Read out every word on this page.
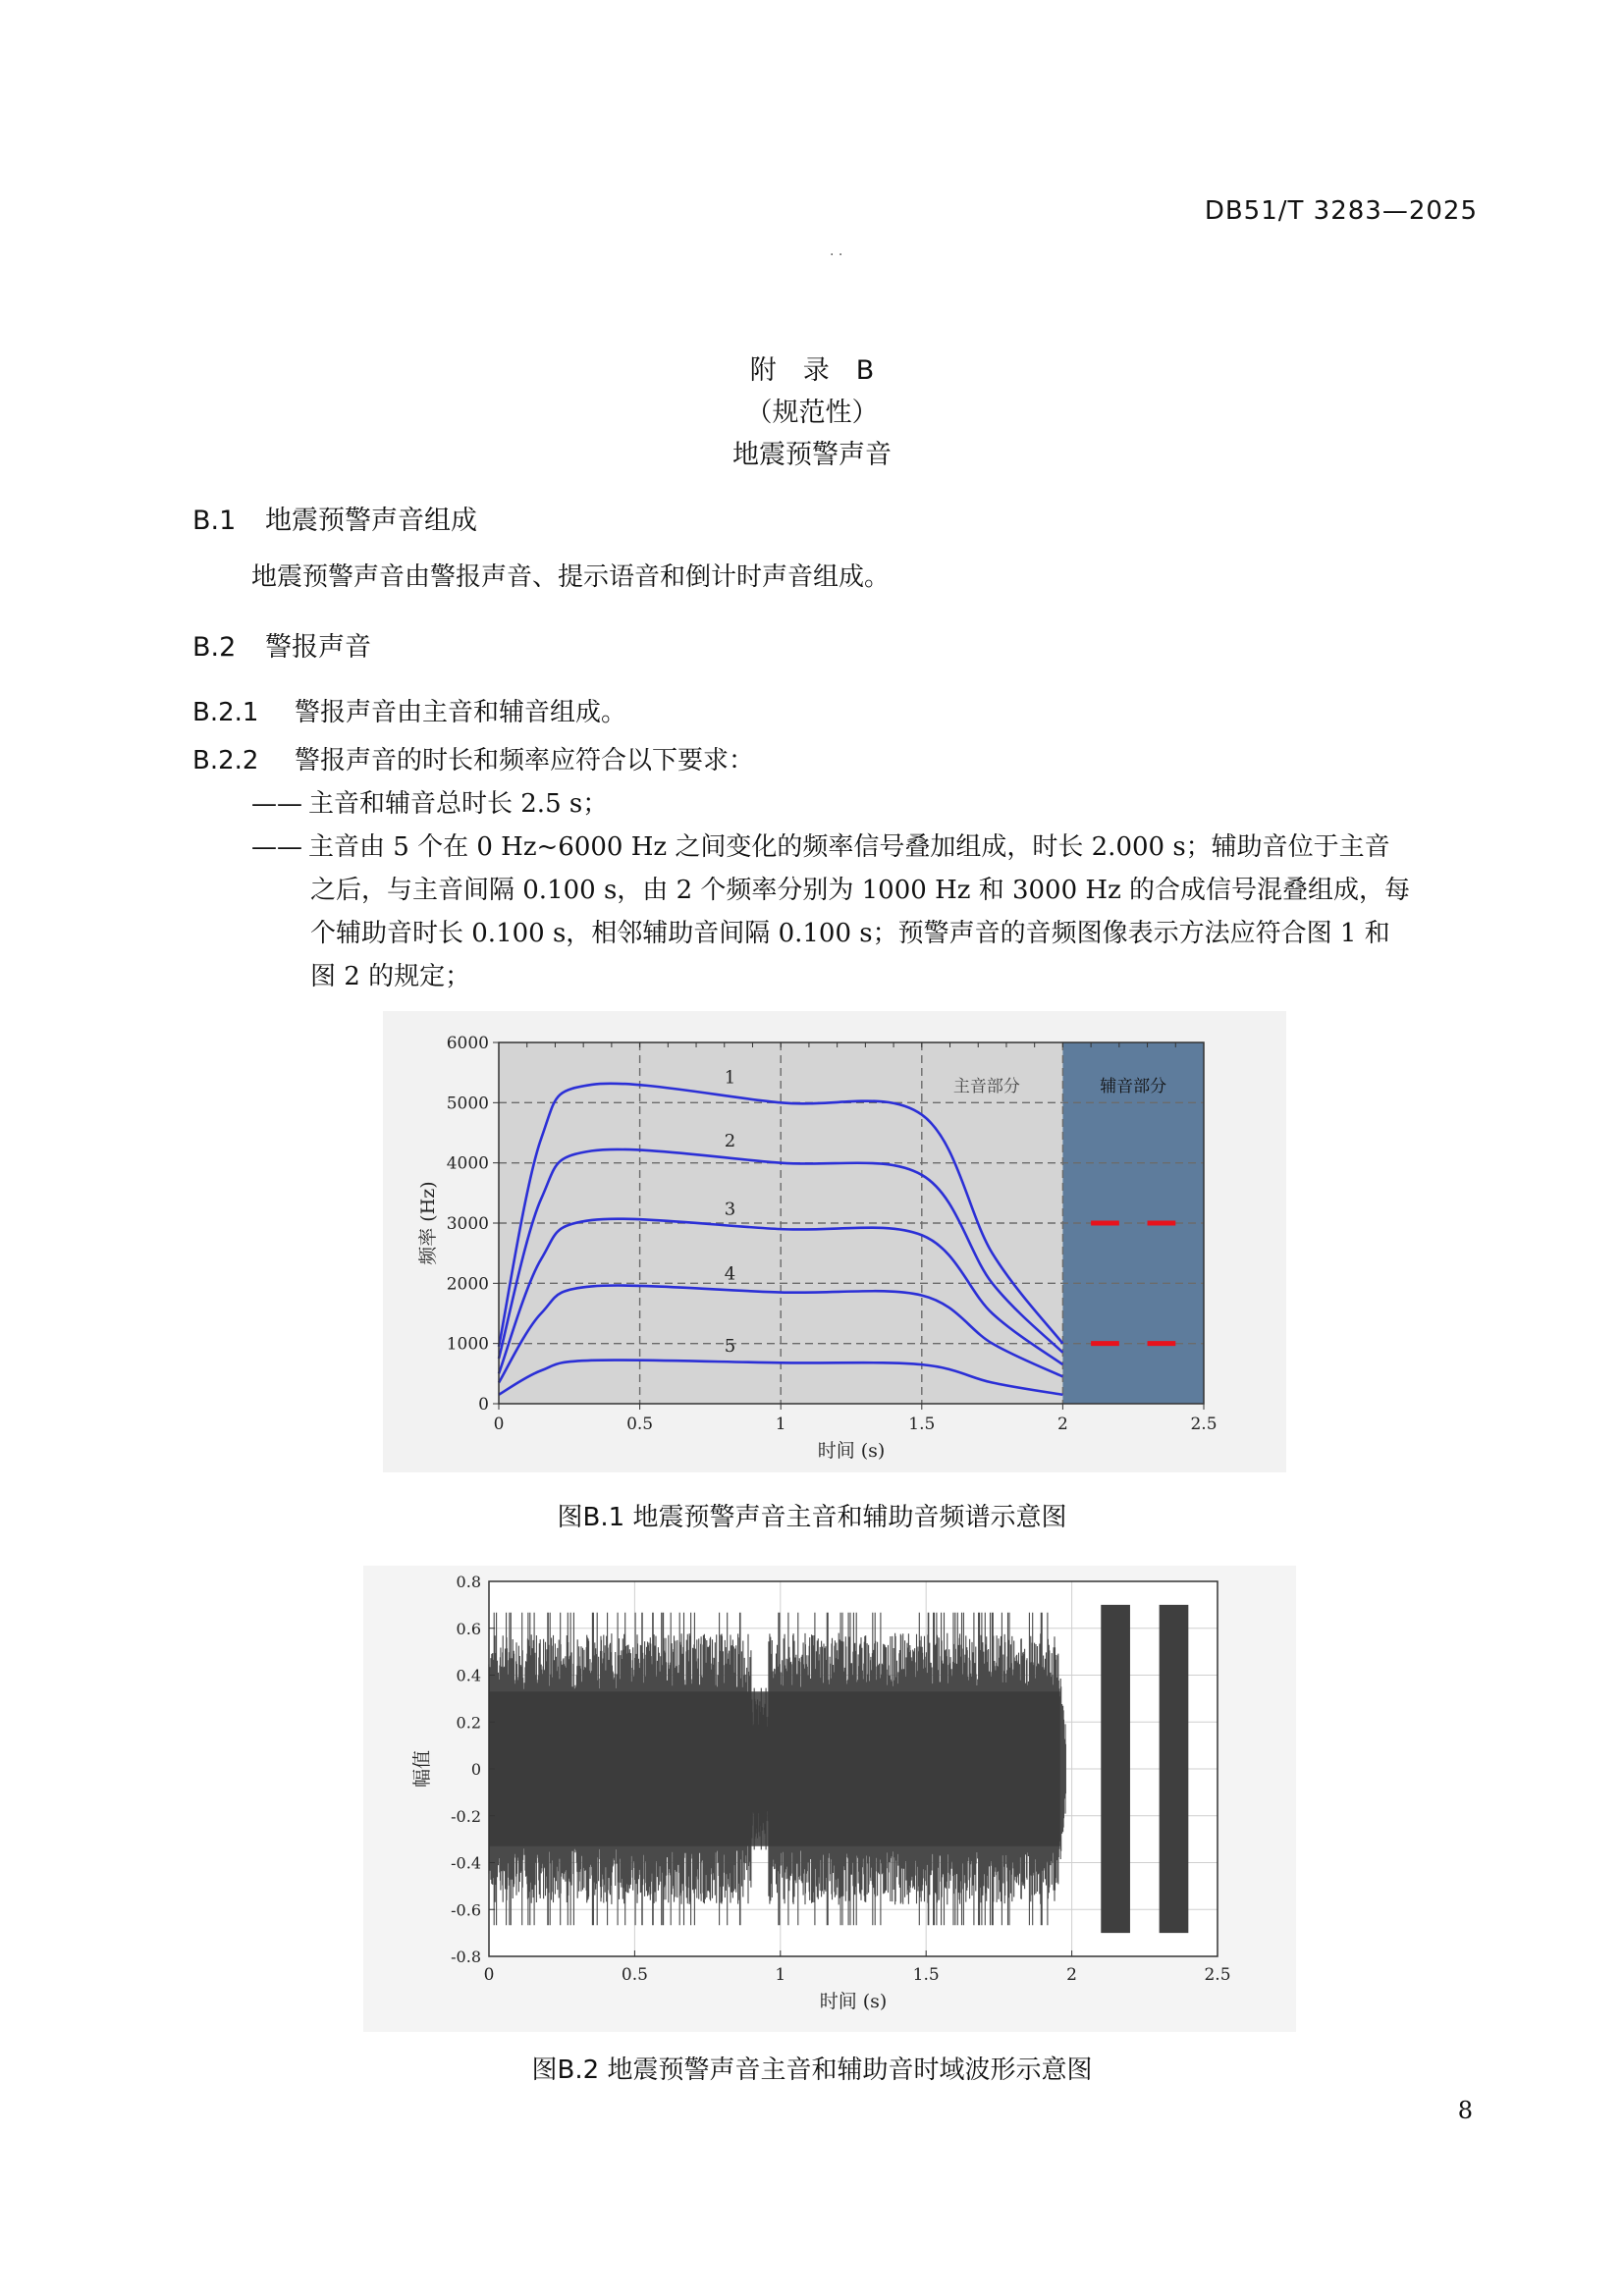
DB51/T 3283—2025
· ·
附　录　B
（规范性）
地震预警声音
B.1 地震预警声音组成
地震预警声音由警报声音、提示语音和倒计时声音组成。
B.2 警报声音
B.2.1 警报声音由主音和辅音组成。
B.2.2 警报声音的时长和频率应符合以下要求：
—— 主音和辅音总时长 2.5 s；
—— 主音由 5 个在 0 Hz~6000 Hz 之间变化的频率信号叠加组成，时长 2.000 s；辅助音位于主音
之后，与主音间隔 0.100 s，由 2 个频率分别为 1000 Hz 和 3000 Hz 的合成信号混叠组成，每
个辅助音时长 0.100 s，相邻辅助音间隔 0.100 s；预警声音的音频图像表示方法应符合图 1 和
图 2 的规定；
1
2
3
4
5
0	0.5	1	1.5	2	2.5
0
1000
2000
3000
4000
5000
6000
时间 (s)
频率 (Hz)
主音部分	辅音部分
图B.1 地震预警声音主音和辅助音频谱示意图
0	0.5	1	1.5	2	2.5
0.8
0.6
0.4
0.2
0
-0.2
-0.4
-0.6
-0.8
时间 (s)
幅值
图B.2 地震预警声音主音和辅助音时域波形示意图
8
